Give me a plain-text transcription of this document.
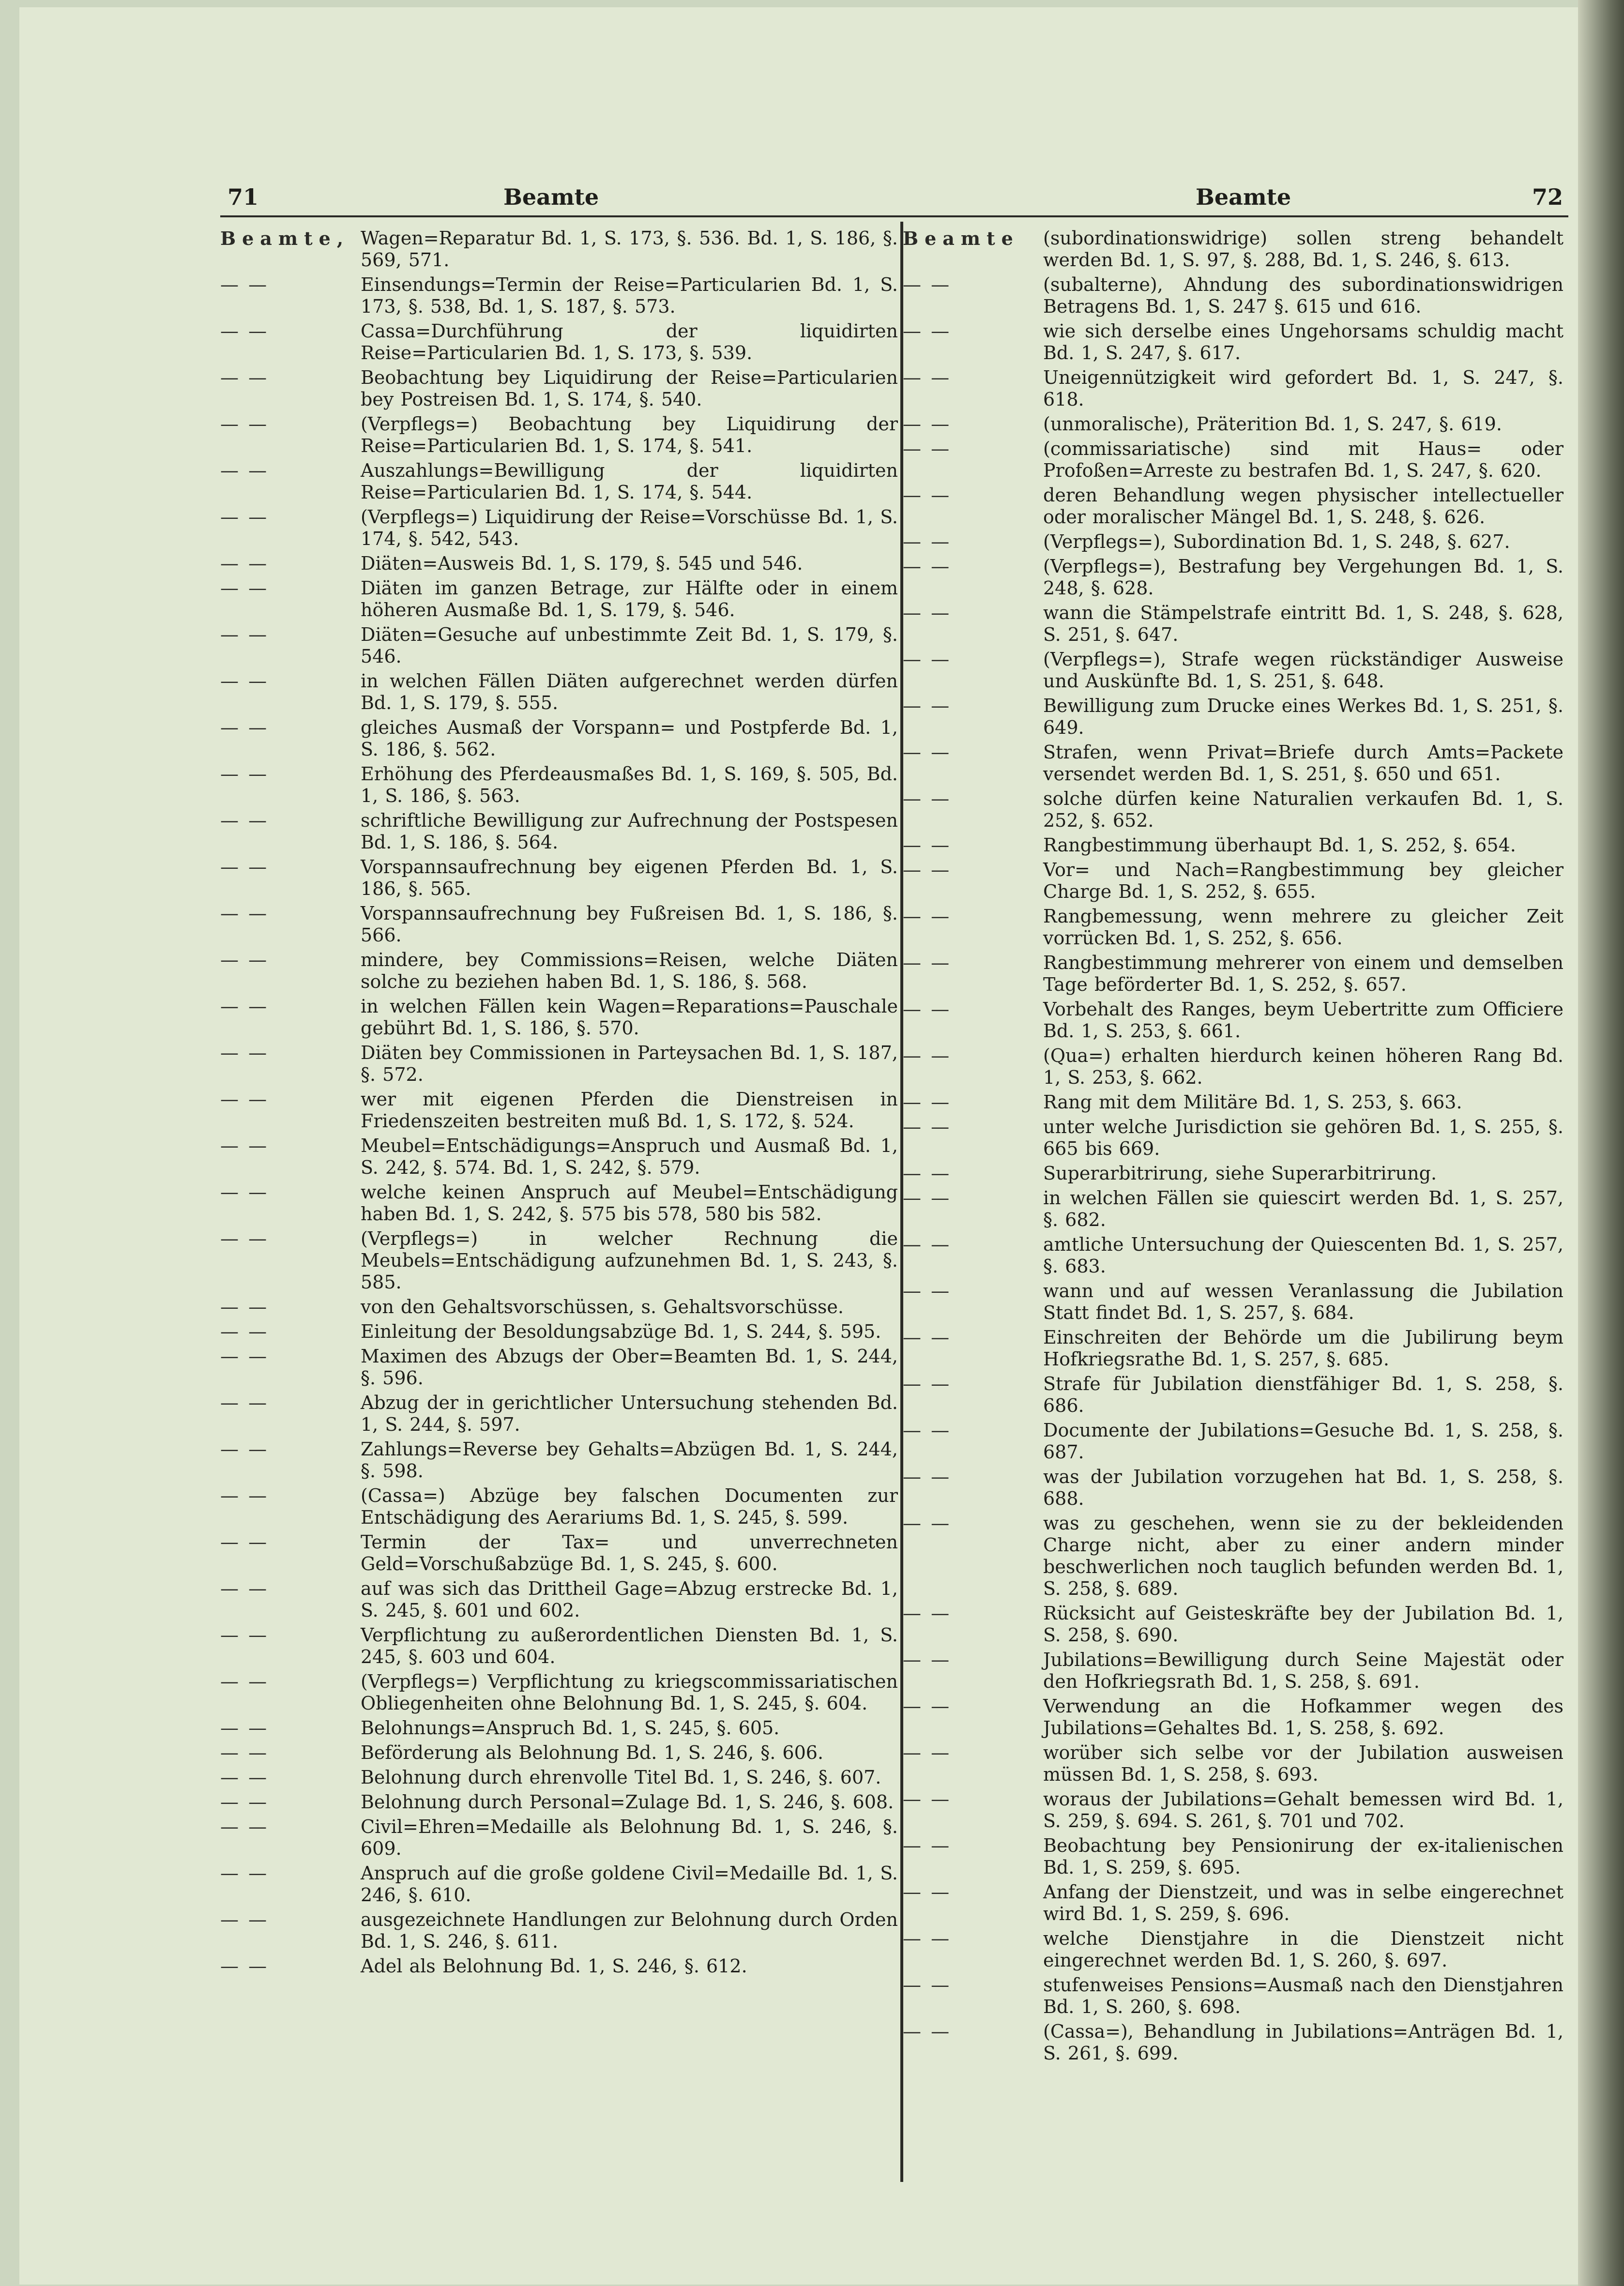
71	Beamte	Beamte	72
Beamte, Wagen=Reparatur Bd. 1, S. 173, §. 536. Bd. 1, S. 186, §. 569, 571.
— —	Einsendungs=Termin der Reise=Particularien Bd. 1, S. 173, §. 538, Bd. 1, S. 187, §. 573.
— —	Cassa=Durchführung der liquidirten Reise=Particularien Bd. 1, S. 173, §. 539.
— —	Beobachtung bey Liquidirung der Reise=Particularien bey Postreisen Bd. 1, S. 174, §. 540.
— —	(Verpflegs=) Beobachtung bey Liquidirung der Reise=Particularien Bd. 1, S. 174, §. 541.
— —	Auszahlungs=Bewilligung der liquidirten Reise=Particularien Bd. 1, S. 174, §. 544.
— —	(Verpflegs=) Liquidirung der Reise=Vorschüsse Bd. 1, S. 174, §. 542, 543.
— —	Diäten=Ausweis Bd. 1, S. 179, §. 545 und 546.
— —	Diäten im ganzen Betrage, zur Hälfte oder in einem höheren Ausmaße Bd. 1, S. 179, §. 546.
— —	Diäten=Gesuche auf unbestimmte Zeit Bd. 1, S. 179, §. 546.
— —	in welchen Fällen Diäten aufgerechnet werden dürfen Bd. 1, S. 179, §. 555.
— —	gleiches Ausmaß der Vorspann= und Postpferde Bd. 1, S. 186, §. 562.
— —	Erhöhung des Pferdeausmaßes Bd. 1, S. 169, §. 505, Bd. 1, S. 186, §. 563.
— —	schriftliche Bewilligung zur Aufrechnung der Postspesen Bd. 1, S. 186, §. 564.
— —	Vorspannsaufrechnung bey eigenen Pferden Bd. 1, S. 186, §. 565.
— —	Vorspannsaufrechnung bey Fußreisen Bd. 1, S. 186, §. 566.
— —	mindere, bey Commissions=Reisen, welche Diäten solche zu beziehen haben Bd. 1, S. 186, §. 568.
— —	in welchen Fällen kein Wagen=Reparations=Pauschale gebührt Bd. 1, S. 186, §. 570.
— —	Diäten bey Commissionen in Parteysachen Bd. 1, S. 187, §. 572.
— —	wer mit eigenen Pferden die Dienstreisen in Friedenszeiten bestreiten muß Bd. 1, S. 172, §. 524.
— —	Meubel=Entschädigungs=Anspruch und Ausmaß Bd. 1, S. 242, §. 574. Bd. 1, S. 242, §. 579.
— —	welche keinen Anspruch auf Meubel=Entschädigung haben Bd. 1, S. 242, §. 575 bis 578, 580 bis 582.
— —	(Verpflegs=) in welcher Rechnung die Meubels=Entschädigung aufzunehmen Bd. 1, S. 243, §. 585.
— —	von den Gehaltsvorschüssen, s. Gehaltsvorschüsse.
— —	Einleitung der Besoldungsabzüge Bd. 1, S. 244, §. 595.
— —	Maximen des Abzugs der Ober=Beamten Bd. 1, S. 244, §. 596.
— —	Abzug der in gerichtlicher Untersuchung stehenden Bd. 1, S. 244, §. 597.
— —	Zahlungs=Reverse bey Gehalts=Abzügen Bd. 1, S. 244, §. 598.
— —	(Cassa=) Abzüge bey falschen Documenten zur Entschädigung des Aerariums Bd. 1, S. 245, §. 599.
— —	Termin der Tax= und unverrechneten Geld=Vorschußabzüge Bd. 1, S. 245, §. 600.
— —	auf was sich das Drittheil Gage=Abzug erstrecke Bd. 1, S. 245, §. 601 und 602.
— —	Verpflichtung zu außerordentlichen Diensten Bd. 1, S. 245, §. 603 und 604.
— —	(Verpflegs=) Verpflichtung zu kriegscommissariatischen Obliegenheiten ohne Belohnung Bd. 1, S. 245, §. 604.
— —	Belohnungs=Anspruch Bd. 1, S. 245, §. 605.
— —	Beförderung als Belohnung Bd. 1, S. 246, §. 606.
— —	Belohnung durch ehrenvolle Titel Bd. 1, S. 246, §. 607.
— —	Belohnung durch Personal=Zulage Bd. 1, S. 246, §. 608.
— —	Civil=Ehren=Medaille als Belohnung Bd. 1, S. 246, §. 609.
— —	Anspruch auf die große goldene Civil=Medaille Bd. 1, S. 246, §. 610.
— —	ausgezeichnete Handlungen zur Belohnung durch Orden Bd. 1, S. 246, §. 611.
— —	Adel als Belohnung Bd. 1, S. 246, §. 612.
Beamte	(subordinationswidrige) sollen streng behandelt werden Bd. 1, S. 97, §. 288, Bd. 1, S. 246, §. 613.
— —	(subalterne), Ahndung des subordinationswidrigen Betragens Bd. 1, S. 247 §. 615 und 616.
— —	wie sich derselbe eines Ungehorsams schuldig macht Bd. 1, S. 247, §. 617.
— —	Uneigennützigkeit wird gefordert Bd. 1, S. 247, §. 618.
— —	(unmoralische), Präterition Bd. 1, S. 247, §. 619.
— —	(commissariatische) sind mit Haus= oder Profoßen=Arreste zu bestrafen Bd. 1, S. 247, §. 620.
— —	deren Behandlung wegen physischer intellectueller oder moralischer Mängel Bd. 1, S. 248, §. 626.
— —	(Verpflegs=), Subordination Bd. 1, S. 248, §. 627.
— —	(Verpflegs=), Bestrafung bey Vergehungen Bd. 1, S. 248, §. 628.
— —	wann die Stämpelstrafe eintritt Bd. 1, S. 248, §. 628, S. 251, §. 647.
— —	(Verpflegs=), Strafe wegen rückständiger Ausweise und Auskünfte Bd. 1, S. 251, §. 648.
— —	Bewilligung zum Drucke eines Werkes Bd. 1, S. 251, §. 649.
— —	Strafen, wenn Privat=Briefe durch Amts=Packete versendet werden Bd. 1, S. 251, §. 650 und 651.
— —	solche dürfen keine Naturalien verkaufen Bd. 1, S. 252, §. 652.
— —	Rangbestimmung überhaupt Bd. 1, S. 252, §. 654.
— —	Vor= und Nach=Rangbestimmung bey gleicher Charge Bd. 1, S. 252, §. 655.
— —	Rangbemessung, wenn mehrere zu gleicher Zeit vorrücken Bd. 1, S. 252, §. 656.
— —	Rangbestimmung mehrerer von einem und demselben Tage beförderter Bd. 1, S. 252, §. 657.
— —	Vorbehalt des Ranges, beym Uebertritte zum Officiere Bd. 1, S. 253, §. 661.
— —	(Qua=) erhalten hierdurch keinen höheren Rang Bd. 1, S. 253, §. 662.
— —	Rang mit dem Militäre Bd. 1, S. 253, §. 663.
— —	unter welche Jurisdiction sie gehören Bd. 1, S. 255, §. 665 bis 669.
— —	Superarbitrirung, siehe Superarbitrirung.
— —	in welchen Fällen sie quiescirt werden Bd. 1, S. 257, §. 682.
— —	amtliche Untersuchung der Quiescenten Bd. 1, S. 257, §. 683.
— —	wann und auf wessen Veranlassung die Jubilation Statt findet Bd. 1, S. 257, §. 684.
— —	Einschreiten der Behörde um die Jubilirung beym Hofkriegsrathe Bd. 1, S. 257, §. 685.
— —	Strafe für Jubilation dienstfähiger Bd. 1, S. 258, §. 686.
— —	Documente der Jubilations=Gesuche Bd. 1, S. 258, §. 687.
— —	was der Jubilation vorzugehen hat Bd. 1, S. 258, §. 688.
— —	was zu geschehen, wenn sie zu der bekleidenden Charge nicht, aber zu einer andern minder beschwerlichen noch tauglich befunden werden Bd. 1, S. 258, §. 689.
— —	Rücksicht auf Geisteskräfte bey der Jubilation Bd. 1, S. 258, §. 690.
— —	Jubilations=Bewilligung durch Seine Majestät oder den Hofkriegsrath Bd. 1, S. 258, §. 691.
— —	Verwendung an die Hofkammer wegen des Jubilations=Gehaltes Bd. 1, S. 258, §. 692.
— —	worüber sich selbe vor der Jubilation ausweisen müssen Bd. 1, S. 258, §. 693.
— —	woraus der Jubilations=Gehalt bemessen wird Bd. 1, S. 259, §. 694. S. 261, §. 701 und 702.
— —	Beobachtung bey Pensionirung der ex-italienischen Bd. 1, S. 259, §. 695.
— —	Anfang der Dienstzeit, und was in selbe eingerechnet wird Bd. 1, S. 259, §. 696.
— —	welche Dienstjahre in die Dienstzeit nicht eingerechnet werden Bd. 1, S. 260, §. 697.
— —	stufenweises Pensions=Ausmaß nach den Dienstjahren Bd. 1, S. 260, §. 698.
— —	(Cassa=), Behandlung in Jubilations=Anträgen Bd. 1, S. 261, §. 699.
